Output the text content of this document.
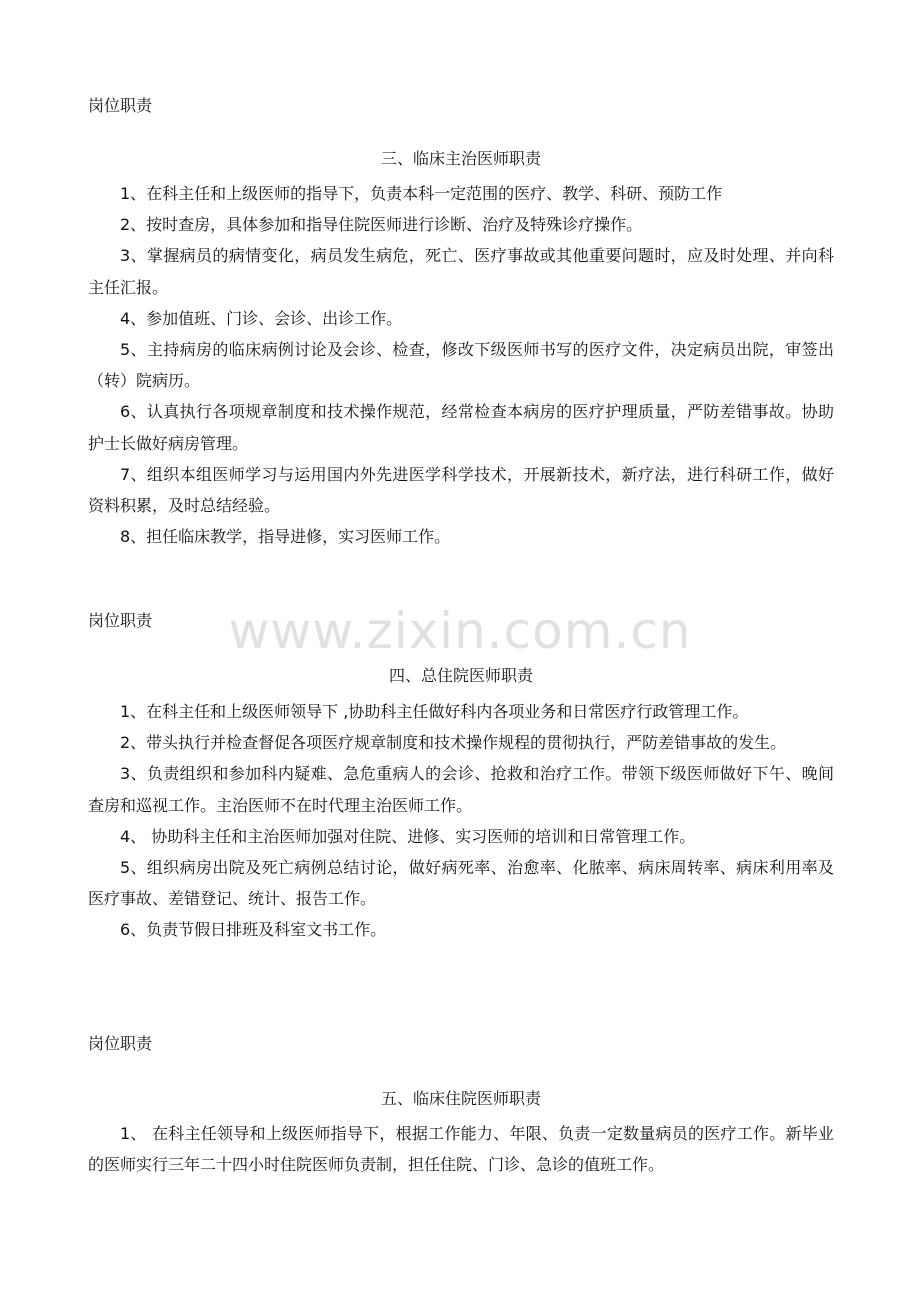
岗位职责

三、临床主治医师职责

1、在科主任和上级医师的指导下，负责本科一定范围的医疗、教学、科研、预防工作

2、按时查房，具体参加和指导住院医师进行诊断、治疗及特殊诊疗操作。

3、掌握病员的病情变化，病员发生病危，死亡、医疗事故或其他重要问题时，应及时处理、并向科主任汇报。

4、参加值班、门诊、会诊、出诊工作。

5、主持病房的临床病例讨论及会诊、检查，修改下级医师书写的医疗文件，决定病员出院，审签出（转）院病历。

6、认真执行各项规章制度和技术操作规范，经常检查本病房的医疗护理质量，严防差错事故。协助护士长做好病房管理。

7、组织本组医师学习与运用国内外先进医学科学技术，开展新技术，新疗法，进行科研工作，做好资料积累，及时总结经验。

8、担任临床教学，指导进修，实习医师工作。

岗位职责

四、总住院医师职责

1、在科主任和上级医师领导下 ,协助科主任做好科内各项业务和日常医疗行政管理工作。

2、带头执行并检查督促各项医疗规章制度和技术操作规程的贯彻执行，严防差错事故的发生。

3、负责组织和参加科内疑难、急危重病人的会诊、抢救和治疗工作。带领下级医师做好下午、晚间查房和巡视工作。主治医师不在时代理主治医师工作。

4、 协助科主任和主治医师加强对住院、进修、实习医师的培训和日常管理工作。

5、组织病房出院及死亡病例总结讨论，做好病死率、治愈率、化脓率、病床周转率、病床利用率及医疗事故、差错登记、统计、报告工作。

6、负责节假日排班及科室文书工作。

岗位职责

五、临床住院医师职责

1、 在科主任领导和上级医师指导下，根据工作能力、年限、负责一定数量病员的医疗工作。新毕业的医师实行三年二十四小时住院医师负责制，担任住院、门诊、急诊的值班工作。

www.zixin.com.cn
